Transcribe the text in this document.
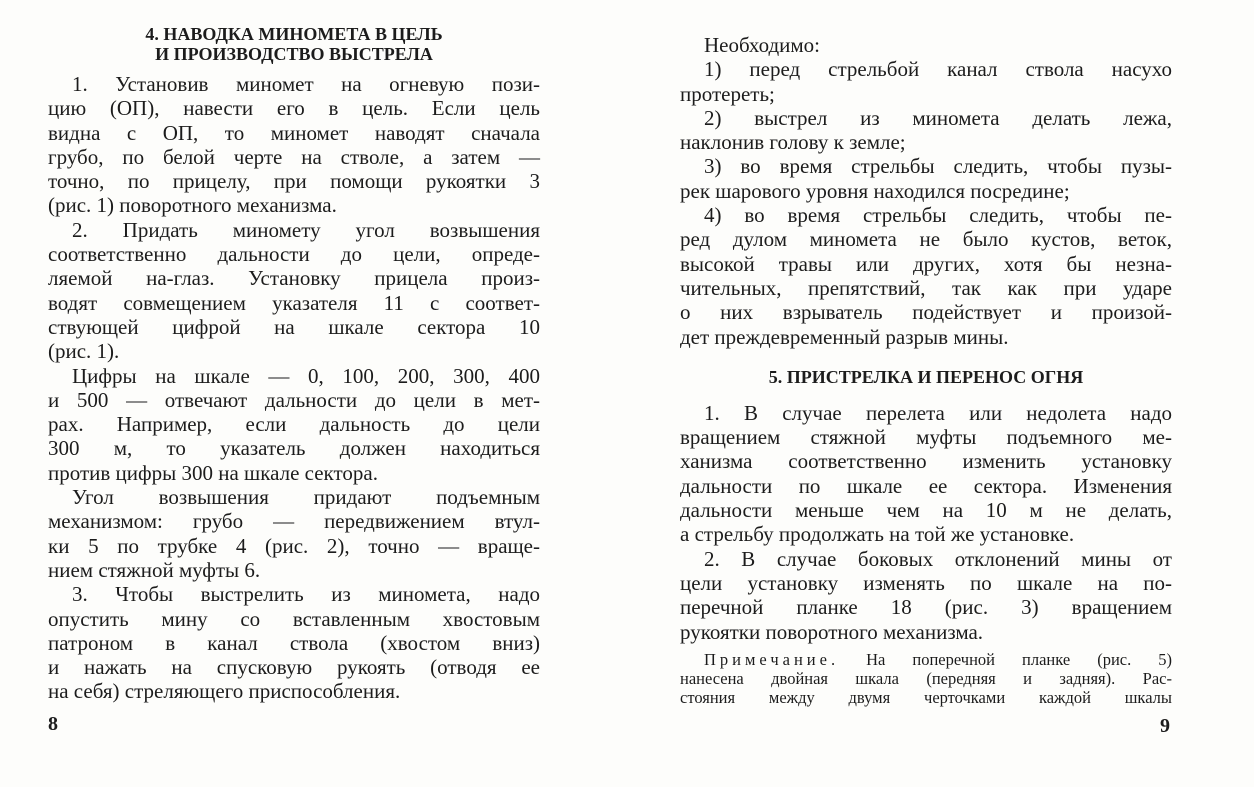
4. НАВОДКА МИНОМЕТА В ЦЕЛЬ
И ПРОИЗВОДСТВО ВЫСТРЕЛА
1. Установив миномет на огневую пози-
цию (ОП), навести его в цель. Если цель
видна с ОП, то миномет наводят сначала
грубо, по белой черте на стволе, а затем —
точно, по прицелу, при помощи рукоятки 3
(рис. 1) поворотного механизма.
2. Придать миномету угол возвышения
соответственно дальности до цели, опреде-
ляемой на-глаз. Установку прицела произ-
водят совмещением указателя 11 с соответ-
ствующей цифрой на шкале сектора 10
(рис. 1).
Цифры на шкале — 0, 100, 200, 300, 400
и 500 — отвечают дальности до цели в мет-
рах. Например, если дальность до цели
300 м, то указатель должен находиться
против цифры 300 на шкале сектора.
Угол возвышения придают подъемным
механизмом: грубо — передвижением втул-
ки 5 по трубке 4 (рис. 2), точно — враще-
нием стяжной муфты 6.
3. Чтобы выстрелить из миномета, надо
опустить мину со вставленным хвостовым
патроном в канал ствола (хвостом вниз)
и нажать на спусковую рукоять (отводя ее
на себя) стреляющего приспособления.
8
Необходимо:
1) перед стрельбой канал ствола насухо
протереть;
2) выстрел из миномета делать лежа,
наклонив голову к земле;
3) во время стрельбы следить, чтобы пузы-
рек шарового уровня находился посредине;
4) во время стрельбы следить, чтобы пе-
ред дулом миномета не было кустов, веток,
высокой травы или других, хотя бы незна-
чительных, препятствий, так как при ударе
о них взрыватель подействует и произой-
дет преждевременный разрыв мины.
5. ПРИСТРЕЛКА И ПЕРЕНОС ОГНЯ
1. В случае перелета или недолета надо
вращением стяжной муфты подъемного ме-
ханизма соответственно изменить установку
дальности по шкале ее сектора. Изменения
дальности меньше чем на 10 м не делать,
а стрельбу продолжать на той же установке.
2. В случае боковых отклонений мины от
цели установку изменять по шкале на по-
перечной планке 18 (рис. 3) вращением
рукоятки поворотного механизма.
Примечание. На поперечной планке (рис. 5)
нанесена двойная шкала (передняя и задняя). Рас-
стояния между двумя черточками каждой шкалы
9
